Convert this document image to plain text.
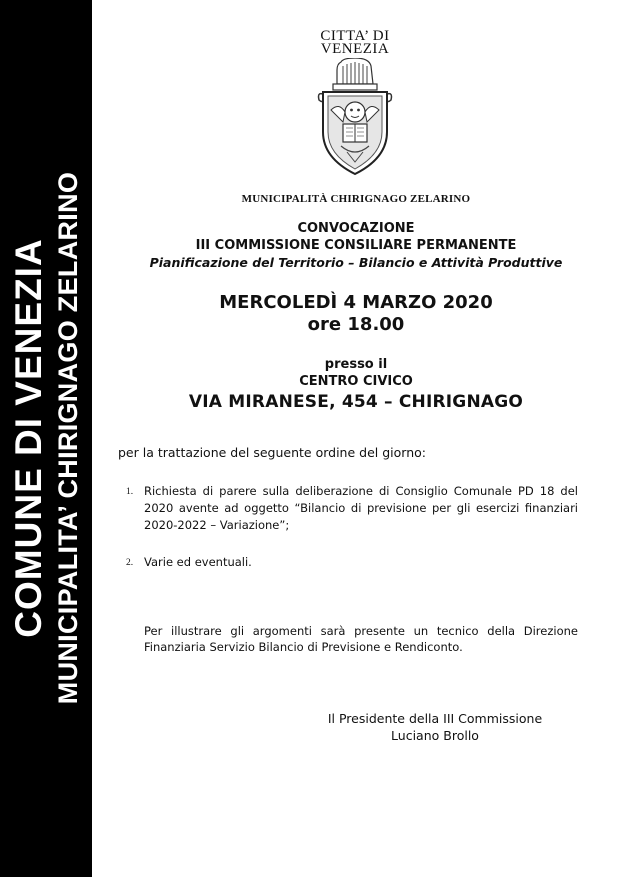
COMUNE DI VENEZIA MUNICIPALITA’ CHIRIGNAGO ZELARINO
CITTA’ DI
VENEZIA
MUNICIPALITÀ CHIRIGNAGO ZELARINO
CONVOCAZIONE
III COMMISSIONE CONSILIARE PERMANENTE
Pianificazione del Territorio – Bilancio e Attività Produttive
MERCOLEDÌ 4 MARZO 2020
ore 18.00
presso il
CENTRO CIVICO
VIA MIRANESE, 454 – CHIRIGNAGO
per la trattazione del seguente ordine del giorno:
1. Richiesta di parere sulla deliberazione di Consiglio Comunale PD 18 del 2020 avente ad oggetto “Bilancio di previsione per gli esercizi finanziari 2020-2022 – Variazione”;
2. Varie ed eventuali.
Per illustrare gli argomenti sarà presente un tecnico della Direzione Finanziaria Servizio Bilancio di Previsione e Rendiconto.
Il Presidente della III Commissione
Luciano Brollo
